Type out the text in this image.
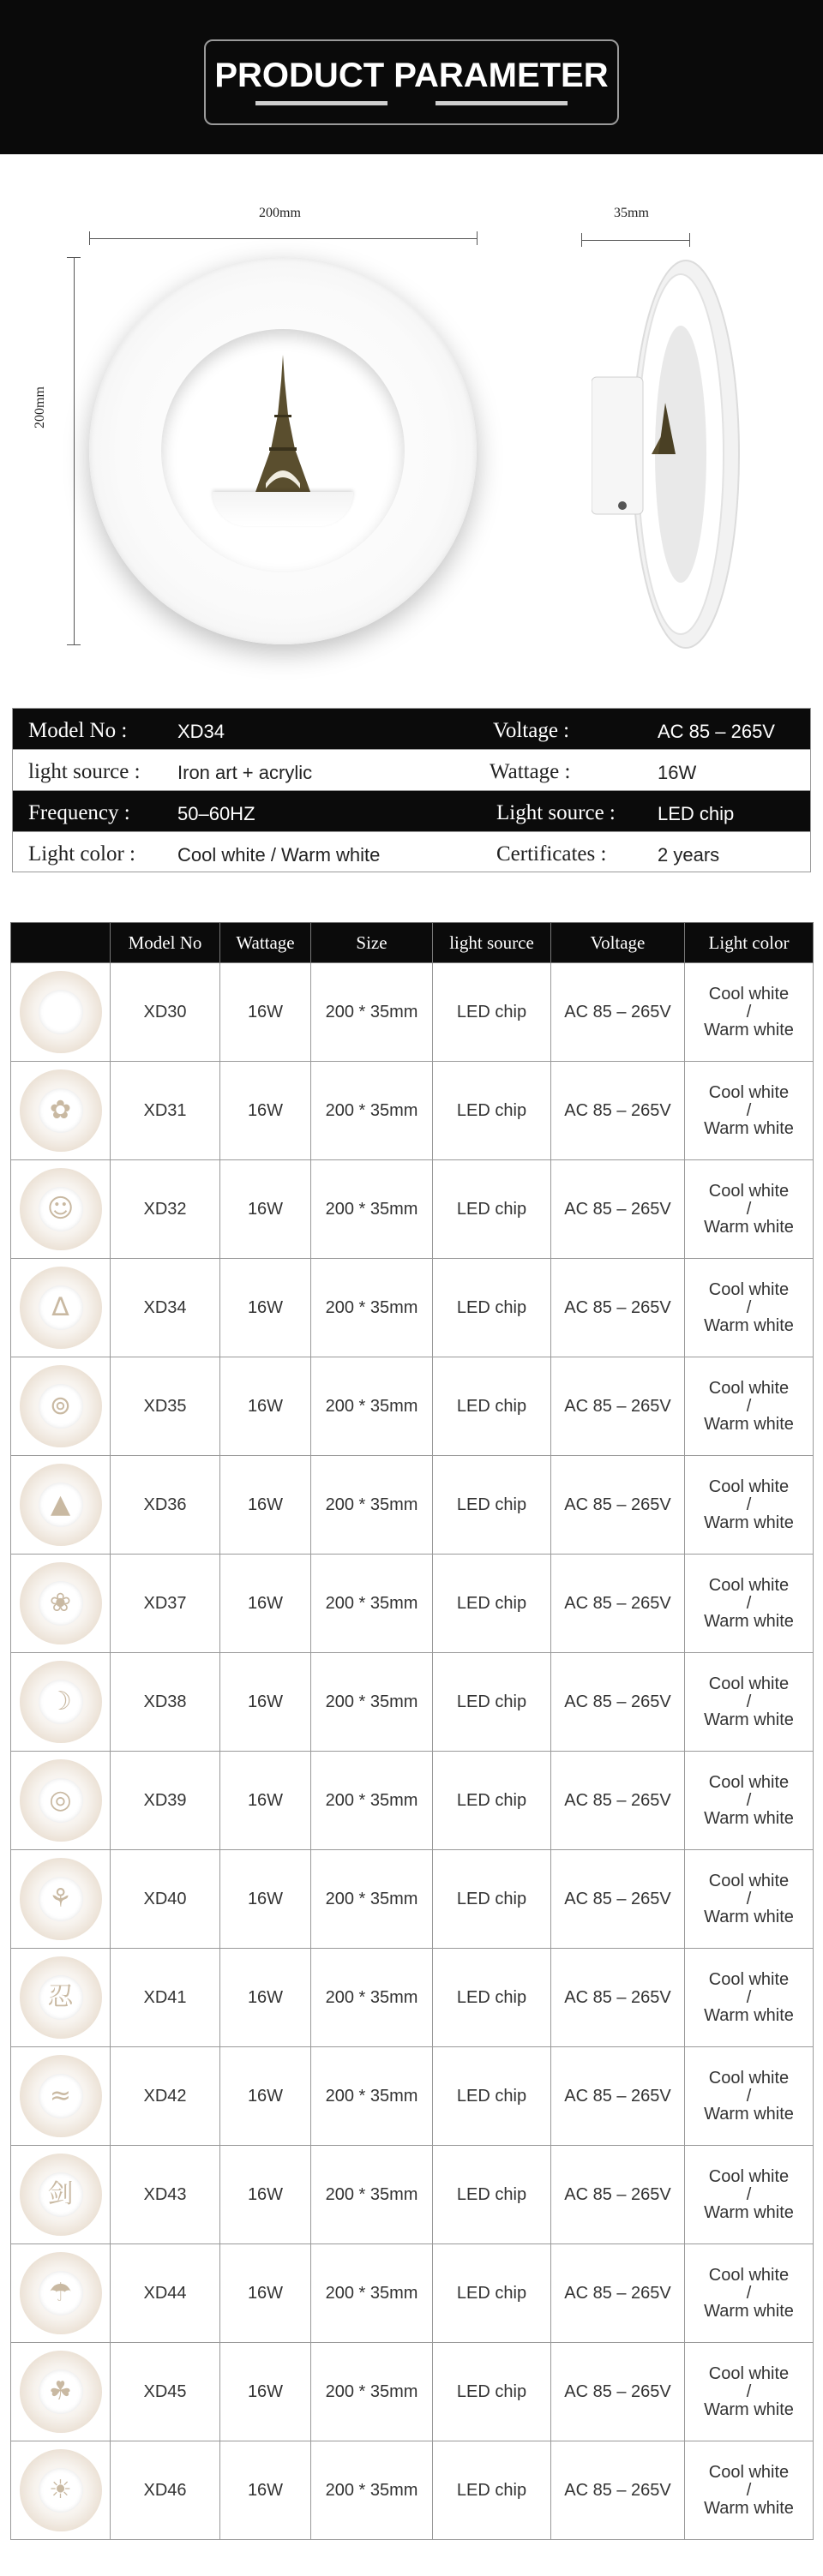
PRODUCT PARAMETER
200mm
200mm
35mm
Model No :	XD34	Voltage :	AC 85 – 265V
light source : Iron art + acrylic	Wattage :	16W
Frequency :	50–60HZ	Light source : LED chip
Light color : Cool white / Warm white	Certificates :	2 years
	Model No	Wattage	Size	light source	Voltage	Light color

	XD30	16W	200 * 35mm	LED chip	AC 85 – 265V	Cool white
/
Warm white

✿	XD31	16W	200 * 35mm	LED chip	AC 85 – 265V	Cool white
/
Warm white

☺	XD32	16W	200 * 35mm	LED chip	AC 85 – 265V	Cool white
/
Warm white

∆	XD34	16W	200 * 35mm	LED chip	AC 85 – 265V	Cool white
/
Warm white

⊚	XD35	16W	200 * 35mm	LED chip	AC 85 – 265V	Cool white
/
Warm white

▲	XD36	16W	200 * 35mm	LED chip	AC 85 – 265V	Cool white
/
Warm white

❀	XD37	16W	200 * 35mm	LED chip	AC 85 – 265V	Cool white
/
Warm white

☽	XD38	16W	200 * 35mm	LED chip	AC 85 – 265V	Cool white
/
Warm white

◎	XD39	16W	200 * 35mm	LED chip	AC 85 – 265V	Cool white
/
Warm white

⚘	XD40	16W	200 * 35mm	LED chip	AC 85 – 265V	Cool white
/
Warm white

忍	XD41	16W	200 * 35mm	LED chip	AC 85 – 265V	Cool white
/
Warm white

≈	XD42	16W	200 * 35mm	LED chip	AC 85 – 265V	Cool white
/
Warm white

剑	XD43	16W	200 * 35mm	LED chip	AC 85 – 265V	Cool white
/
Warm white

☂	XD44	16W	200 * 35mm	LED chip	AC 85 – 265V	Cool white
/
Warm white

☘	XD45	16W	200 * 35mm	LED chip	AC 85 – 265V	Cool white
/
Warm white

☀	XD46	16W	200 * 35mm	LED chip	AC 85 – 265V	Cool white
/
Warm white
